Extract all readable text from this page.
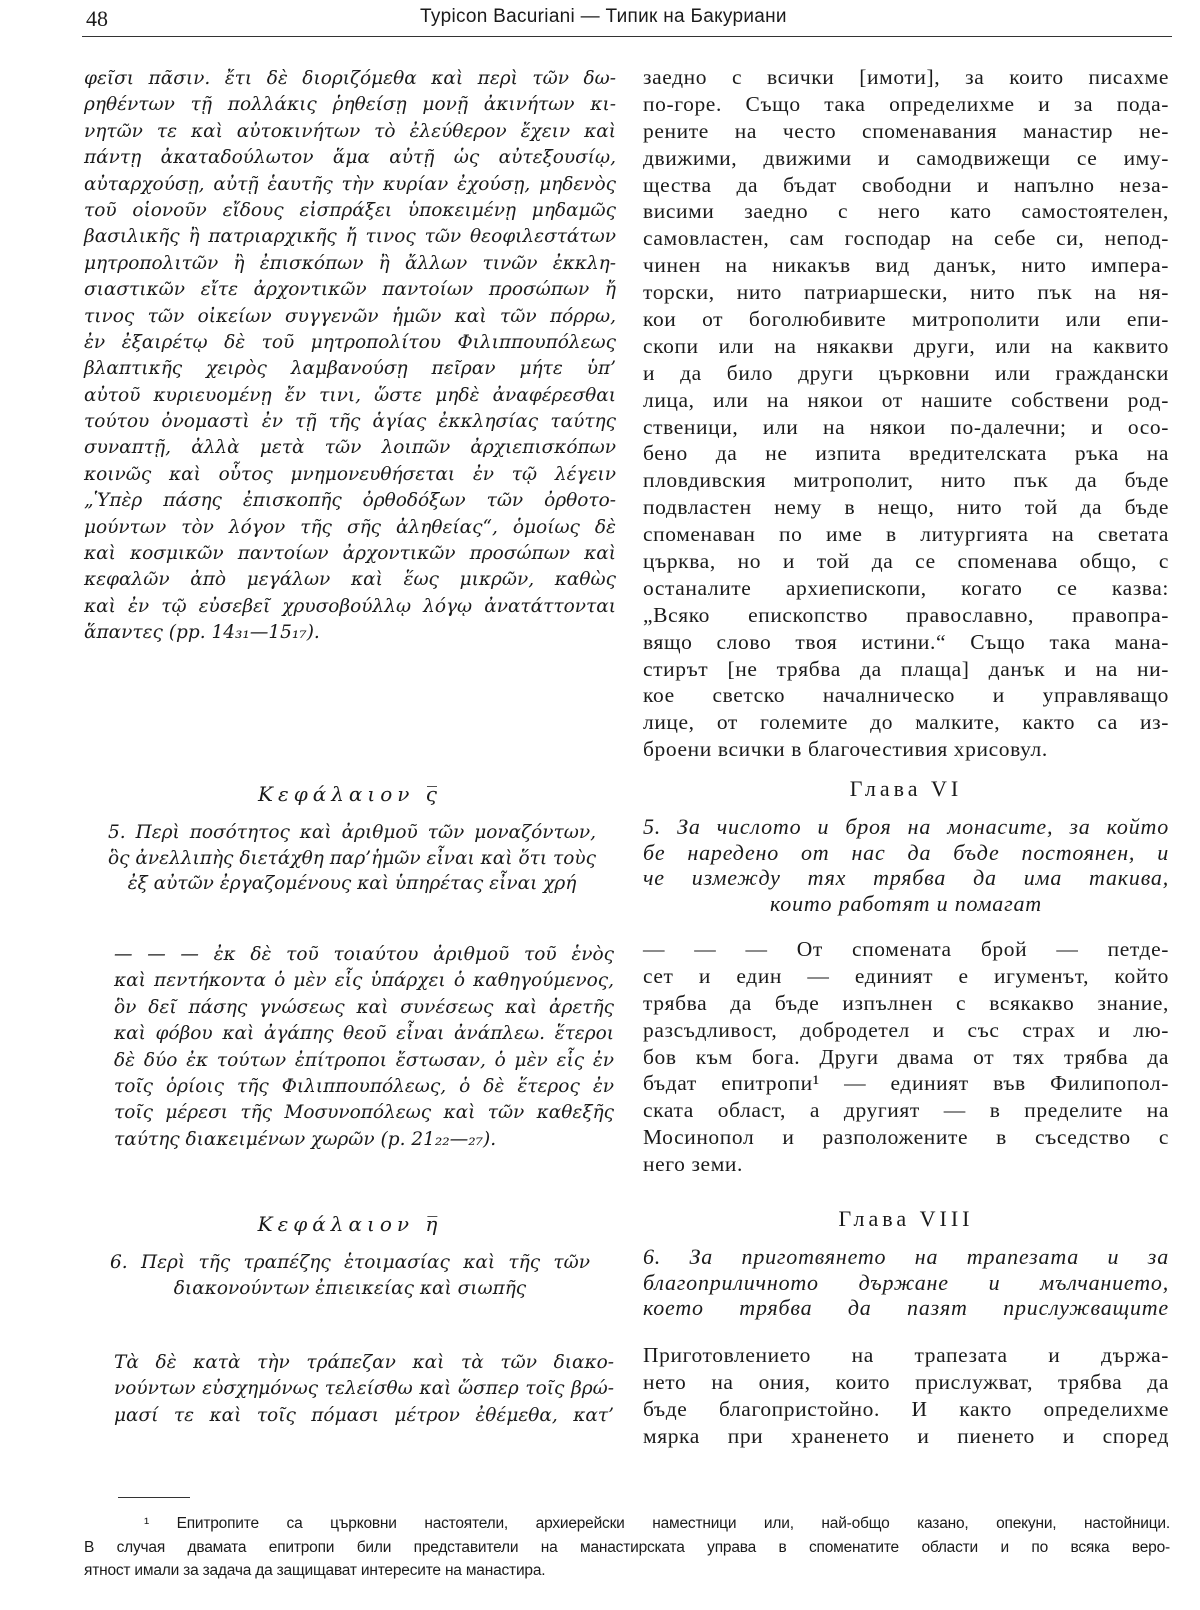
48	Typicon Bacuriani — Типик на Бакуриани
φεῖσι πᾶσιν. ἔτι δὲ διοριζόμεθα καὶ περὶ τῶν δω-
ρηθέντων τῇ πολλάκις ῥηθείσῃ μονῇ ἀκινήτων κι-
νητῶν τε καὶ αὐτοκινήτων τὸ ἐλεύθερον ἔχειν καὶ
πάντῃ ἀκαταδούλωτον ἅμα αὐτῇ ὡς αὐτεξουσίῳ,
αὐταρχούσῃ, αὐτῇ ἑαυτῆς τὴν κυρίαν ἐχούσῃ, μηδενὸς
τοῦ οἱονοῦν εἴδους εἰσπράξει ὑποκειμένῃ μηδαμῶς
βασιλικῆς ἢ πατριαρχικῆς ἤ τινος τῶν θεοφιλεστάτων
μητροπολιτῶν ἢ ἐπισκόπων ἢ ἄλλων τινῶν ἐκκλη-
σιαστικῶν εἴτε ἀρχοντικῶν παντοίων προσώπων ἤ
τινος τῶν οἰκείων συγγενῶν ἡμῶν καὶ τῶν πόρρω,
ἐν ἐξαιρέτῳ δὲ τοῦ μητροπολίτου Φιλιππουπόλεως
βλαπτικῆς χειρὸς λαμβανούσῃ πεῖραν μήτε ὑπ’
αὐτοῦ κυριευομένῃ ἔν τινι, ὥστε μηδὲ ἀναφέρεσθαι
τούτου ὀνομαστὶ ἐν τῇ τῆς ἁγίας ἐκκλησίας ταύτης
συναπτῇ, ἀλλὰ μετὰ τῶν λοιπῶν ἀρχιεπισκόπων
κοινῶς καὶ οὗτος μνημονευθήσεται ἐν τῷ λέγειν
„Ὑπὲρ πάσης ἐπισκοπῆς ὀρθοδόξων τῶν ὀρθοτο-
μούντων τὸν λόγον τῆς σῆς ἀληθείας“, ὁμοίως δὲ
καὶ κοσμικῶν παντοίων ἀρχοντικῶν προσώπων καὶ
κεφαλῶν ἀπὸ μεγάλων καὶ ἕως μικρῶν, καθὼς
καὶ ἐν τῷ εὐσεβεῖ χρυσοβούλλῳ λόγῳ ἀνατάττονται
ἅπαντες (pp. 14₃₁—15₁₇).
Κεφάλαιον ς̅
5. Περὶ ποσότητος καὶ ἀριθμοῦ τῶν μοναζόντων,
ὃς ἀνελλιπὴς διετάχθη παρ’ἡμῶν εἶναι καὶ ὅτι τοὺς
ἐξ αὐτῶν ἐργαζομένους καὶ ὑπηρέτας εἶναι χρή
— — — ἐκ δὲ τοῦ τοιαύτου ἀριθμοῦ τοῦ ἑνὸς
καὶ πεντήκοντα ὁ μὲν εἷς ὑπάρχει ὁ καθηγούμενος,
ὃν δεῖ πάσης γνώσεως καὶ συνέσεως καὶ ἀρετῆς
καὶ φόβου καὶ ἀγάπης θεοῦ εἶναι ἀνάπλεω. ἕτεροι
δὲ δύο ἐκ τούτων ἐπίτροποι ἔστωσαν, ὁ μὲν εἷς ἐν
τοῖς ὁρίοις τῆς Φιλιππουπόλεως, ὁ δὲ ἕτερος ἐν
τοῖς μέρεσι τῆς Μοσυνοπόλεως καὶ τῶν καθεξῆς
ταύτης διακειμένων χωρῶν (p. 21₂₂—₂₇).
Κεφάλαιον η̅
6. Περὶ τῆς τραπέζης ἑτοιμασίας καὶ τῆς τῶν
διακονούντων ἐπιεικείας καὶ σιωπῆς
Τὰ δὲ κατὰ τὴν τράπεζαν καὶ τὰ τῶν διακο-
νούντων εὐσχημόνως τελείσθω καὶ ὥσπερ τοῖς βρώ-
μασί τε καὶ τοῖς πόμασι μέτρον ἐθέμεθα, κατ’
заедно с всички [имоти], за които писахме
по-горе. Също така определихме и за пода-
рените на често споменавания манастир не-
движими, движими и самодвижещи се иму-
щества да бъдат свободни и напълно неза-
висими заедно с него като самостоятелен,
самовластен, сам господар на себе си, непод-
чинен на никакъв вид данък, нито импера-
торски, нито патриаршески, нито пък на ня-
кои от боголюбивите митрополити или епи-
скопи или на някакви други, или на каквито
и да било други църковни или граждански
лица, или на някои от нашите собствени род-
ственици, или на някои по-далечни; и осо-
бено да не изпита вредителската ръка на
пловдивския митрополит, нито пък да бъде
подвластен нему в нещо, нито той да бъде
споменаван по име в литургията на светата
църква, но и той да се споменава общо, с
останалите архиепископи, когато се казва:
„Всяко епископство православно, правопра-
вящо слово твоя истини.“ Също така мана-
стирът [не трябва да плаща] данък и на ни-
кое светско началническо и управляващо
лице, от големите до малките, както са из-
броени всички в благочестивия хрисовул.
Глава VI
5. За числото и броя на монасите, за който
бе наредено от нас да бъде постоянен, и
че измежду тях трябва да има такива,
които работят и помагат
— — — От спомената брой — петде-
сет и един — единият е игуменът, който
трябва да бъде изпълнен с всякакво знание,
разсъдливост, добродетел и със страх и лю-
бов към бога. Други двама от тях трябва да
бъдат епитропи¹ — единият във Филипопол-
ската област, а другият — в пределите на
Мосинопол и разположените в съседство с
него земи.
Глава VIII
6. За приготвянето на трапезата и за
благоприличното държане и мълчанието,
което трябва да пазят прислужващите
Приготовлението на трапезата и държа-
нето на ония, които прислужват, трябва да
бъде благопристойно. И както определихме
мярка при храненето и пиенето и според
¹ Епитропите са църковни настоятели, архиерейски наместници или, най-общо казано, опекуни, настойници.
В случая двамата епитропи били представители на манастирската управа в споменатите области и по всяка веро-
ятност имали за задача да защищават интересите на манастира.
